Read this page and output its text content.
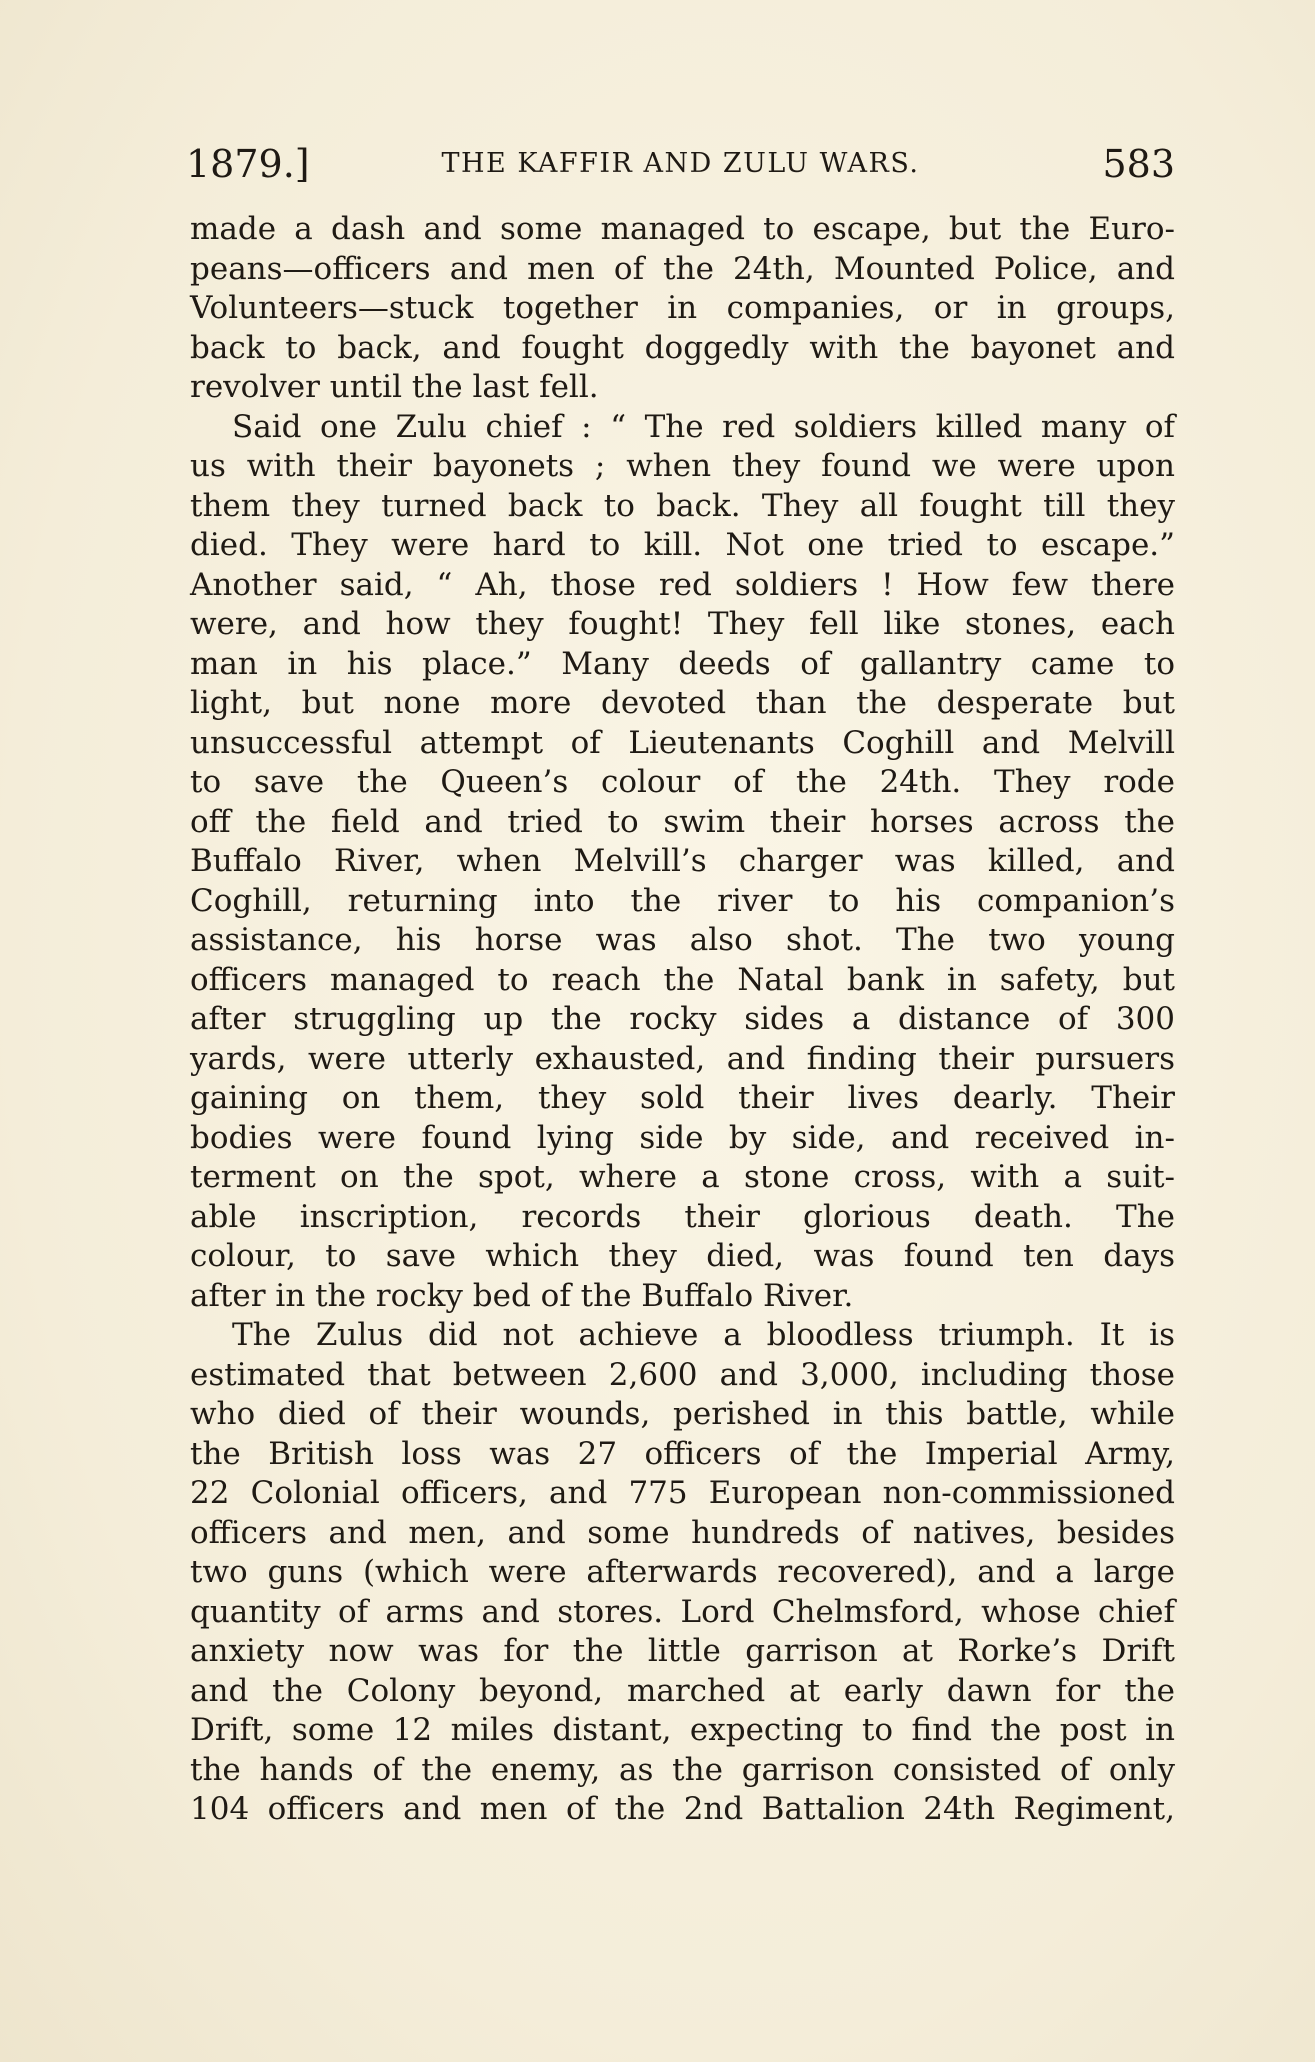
THE KAFFIR AND ZULU WARS.
1879.]	583
made a dash and some managed to escape, but the Euro-
peans—officers and men of the 24th, Mounted Police, and
Volunteers—stuck together in companies, or in groups,
back to back, and fought doggedly with the bayonet and
revolver until the last fell.
Said one Zulu chief : “ The red soldiers killed many of
us with their bayonets ; when they found we were upon
them they turned back to back. They all fought till they
died. They were hard to kill. Not one tried to escape.”
Another said, “ Ah, those red soldiers ! How few there
were, and how they fought! They fell like stones, each
man in his place.” Many deeds of gallantry came to
light, but none more devoted than the desperate but
unsuccessful attempt of Lieutenants Coghill and Melvill
to save the Queen’s colour of the 24th. They rode
off the field and tried to swim their horses across the
Buffalo River, when Melvill’s charger was killed, and
Coghill, returning into the river to his companion’s
assistance, his horse was also shot. The two young
officers managed to reach the Natal bank in safety, but
after struggling up the rocky sides a distance of 300
yards, were utterly exhausted, and finding their pursuers
gaining on them, they sold their lives dearly. Their
bodies were found lying side by side, and received in-
terment on the spot, where a stone cross, with a suit-
able inscription, records their glorious death. The
colour, to save which they died, was found ten days
after in the rocky bed of the Buffalo River.
The Zulus did not achieve a bloodless triumph. It is
estimated that between 2,600 and 3,000, including those
who died of their wounds, perished in this battle, while
the British loss was 27 officers of the Imperial Army,
22 Colonial officers, and 775 European non-commissioned
officers and men, and some hundreds of natives, besides
two guns (which were afterwards recovered), and a large
quantity of arms and stores. Lord Chelmsford, whose chief
anxiety now was for the little garrison at Rorke’s Drift
and the Colony beyond, marched at early dawn for the
Drift, some 12 miles distant, expecting to find the post in
the hands of the enemy, as the garrison consisted of only
104 officers and men of the 2nd Battalion 24th Regiment,
